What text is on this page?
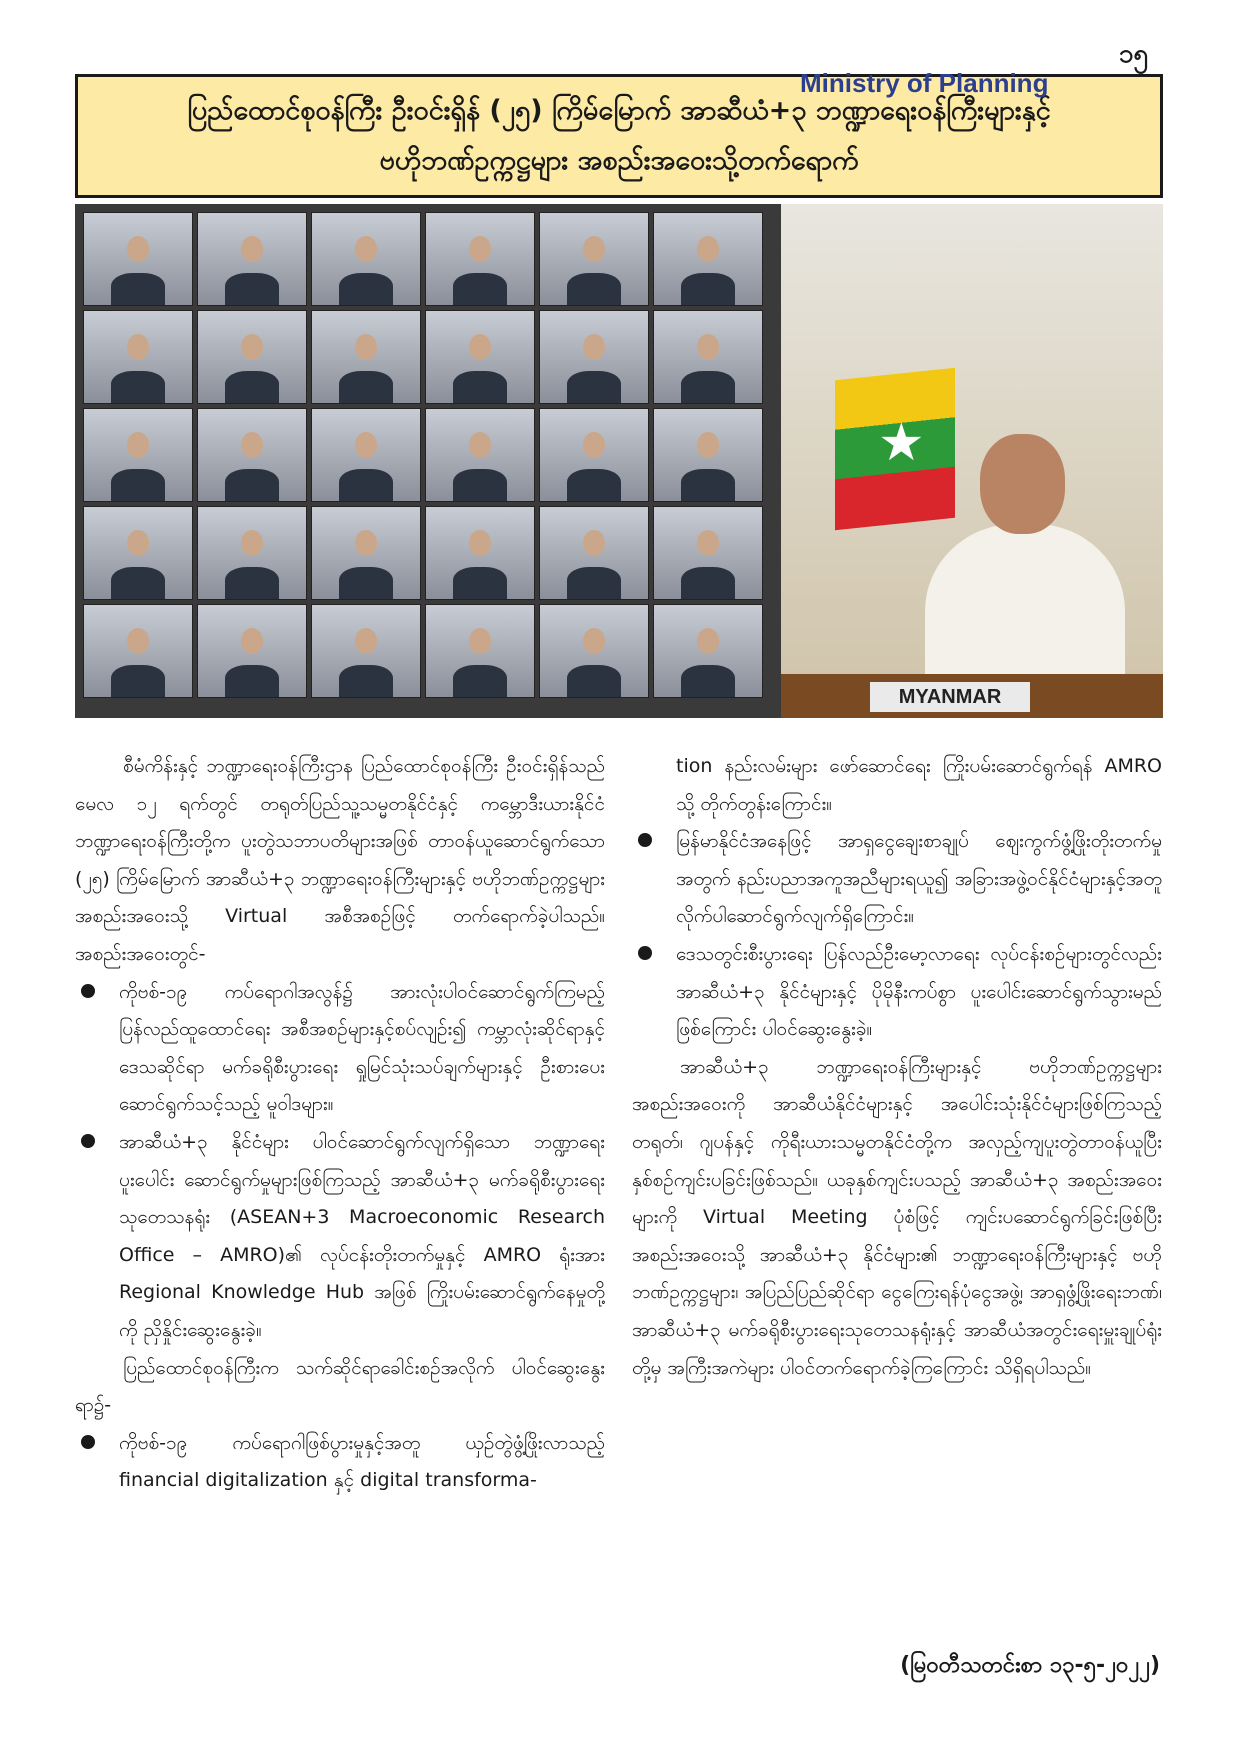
၁၅
ပြည်ထောင်စုဝန်ကြီး ဦးဝင်းရှိန် (၂၅) ကြိမ်မြောက် အာဆီယံ+၃ ဘဏ္ဍာရေးဝန်ကြီးများနှင့်
ဗဟိုဘဏ်ဥက္ကဋ္ဌများ အစည်းအဝေးသို့တက်ရောက်
★
MYANMAR
Ministry of Planning

စီမံကိန်းနှင့် ဘဏ္ဍာရေးဝန်ကြီးဌာန ပြည်ထောင်စုဝန်ကြီး ဦးဝင်းရှိန်သည် မေလ ၁၂ ရက်တွင် တရုတ်ပြည်သူ့သမ္မတနိုင်ငံနှင့် ကမ္ဘောဒီးယားနိုင်ငံ ဘဏ္ဍာရေးဝန်ကြီးတို့က ပူးတွဲသဘာပတိများအဖြစ် တာဝန်ယူဆောင်ရွက်သော (၂၅) ကြိမ်မြောက် အာဆီယံ+၃ ဘဏ္ဍာရေးဝန်ကြီးများနှင့် ဗဟိုဘဏ်ဥက္ကဋ္ဌများအစည်းအဝေးသို့ Virtual အစီအစဉ်ဖြင့် တက်ရောက်ခဲ့ပါသည်။ အစည်းအဝေးတွင်-

ကိုဗစ်-၁၉ ကပ်ရောဂါအလွန်၌ အားလုံးပါဝင်ဆောင်ရွက်ကြမည့် ပြန်လည်ထူထောင်ရေး အစီအစဉ်များနှင့်စပ်လျဉ်း၍ ကမ္ဘာလုံးဆိုင်ရာနှင့် ဒေသဆိုင်ရာ မက်ခရိုစီးပွားရေး ရှုမြင်သုံးသပ်ချက်များနှင့် ဦးစားပေးဆောင်ရွက်သင့်သည့် မူဝါဒများ။

အာဆီယံ+၃ နိုင်ငံများ ပါဝင်ဆောင်ရွက်လျက်ရှိသော ဘဏ္ဍာရေးပူးပေါင်း ဆောင်ရွက်မှုများဖြစ်ကြသည့် အာဆီယံ+၃ မက်ခရိုစီးပွားရေးသုတေသနရုံး (ASEAN+3 Macroeconomic Research Office – AMRO)၏ လုပ်ငန်းတိုးတက်မှုနှင့် AMRO ရုံးအား Regional Knowledge Hub အဖြစ် ကြိုးပမ်းဆောင်ရွက်နေမှုတို့ကို ညှိနှိုင်းဆွေးနွေးခဲ့။

ပြည်ထောင်စုဝန်ကြီးက သက်ဆိုင်ရာခေါင်းစဉ်အလိုက် ပါဝင်ဆွေးနွေးရာ၌-

ကိုဗစ်-၁၉ ကပ်ရောဂါဖြစ်ပွားမှုနှင့်အတူ ယှဉ်တွဲဖွံ့ဖြိုးလာသည့် financial digitalization နှင့် digital transforma-

tion နည်းလမ်းများ ဖော်ဆောင်ရေး ကြိုးပမ်းဆောင်ရွက်ရန် AMRO သို့ တိုက်တွန်းကြောင်း။

မြန်မာနိုင်ငံအနေဖြင့် အာရှငွေချေးစာချုပ် ဈေးကွက်ဖွံ့ဖြိုးတိုးတက်မှုအတွက် နည်းပညာအကူအညီများရယူ၍ အခြားအဖွဲ့ဝင်နိုင်ငံများနှင့်အတူ လိုက်ပါဆောင်ရွက်လျက်ရှိကြောင်း။

ဒေသတွင်းစီးပွားရေး ပြန်လည်ဦးမော့လာရေး လုပ်ငန်းစဉ်များတွင်လည်း အာဆီယံ+၃ နိုင်ငံများနှင့် ပိုမိုနီးကပ်စွာ ပူးပေါင်းဆောင်ရွက်သွားမည်ဖြစ်ကြောင်း ပါဝင်ဆွေးနွေးခဲ့။

အာဆီယံ+၃ ဘဏ္ဍာရေးဝန်ကြီးများနှင့် ဗဟိုဘဏ်ဥက္ကဋ္ဌများ အစည်းအဝေးကို အာဆီယံနိုင်ငံများနှင့် အပေါင်းသုံးနိုင်ငံများဖြစ်ကြသည့် တရုတ်၊ ဂျပန်နှင့် ကိုရီးယားသမ္မတနိုင်ငံတို့က အလှည့်ကျပူးတွဲတာဝန်ယူပြီး နှစ်စဉ်ကျင်းပခြင်းဖြစ်သည်။ ယခုနှစ်ကျင်းပသည့် အာဆီယံ+၃ အစည်းအဝေးများကို Virtual Meeting ပုံစံဖြင့် ကျင်းပဆောင်ရွက်ခြင်းဖြစ်ပြီး အစည်းအဝေးသို့ အာဆီယံ+၃ နိုင်ငံများ၏ ဘဏ္ဍာရေးဝန်ကြီးများနှင့် ဗဟိုဘဏ်ဥက္ကဋ္ဌများ၊ အပြည်ပြည်ဆိုင်ရာ ငွေကြေးရန်ပုံငွေအဖွဲ့၊ အာရှဖွံ့ဖြိုးရေးဘဏ်၊ အာဆီယံ+၃ မက်ခရိုစီးပွားရေးသုတေသနရုံးနှင့် အာဆီယံအတွင်းရေးမှူးချုပ်ရုံးတို့မှ အကြီးအကဲများ ပါဝင်တက်ရောက်ခဲ့ကြကြောင်း သိရှိရပါသည်။

(မြဝတီသတင်းစာ ၁၃-၅-၂၀၂၂)
